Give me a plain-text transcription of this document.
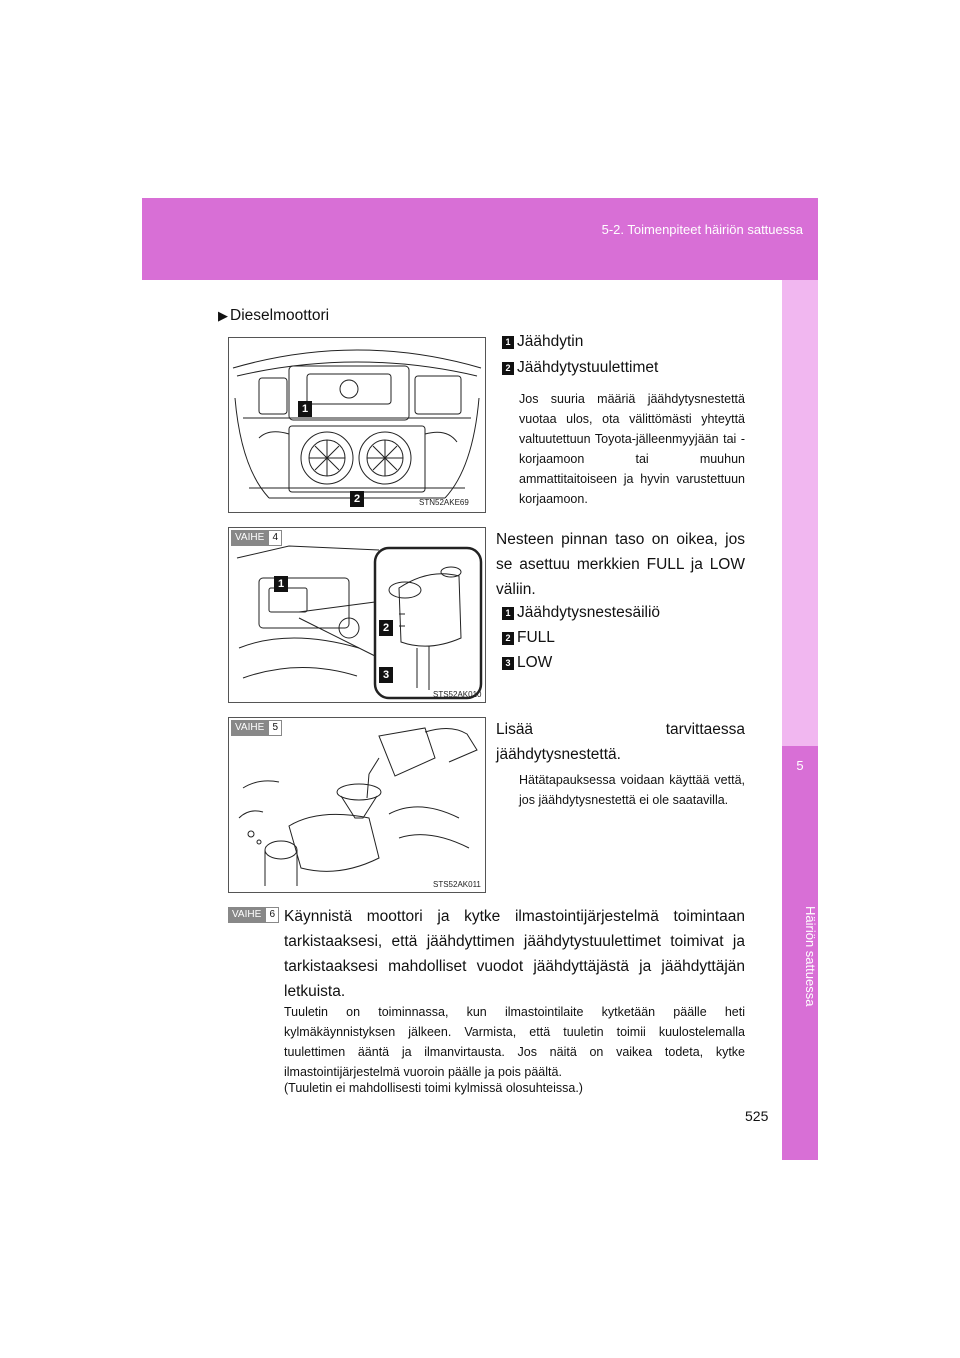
5-2. Toimenpiteet häiriön sattuessa
5
Häiriön sattuessa
▶ Dieselmoottori
1
2	STN52AKE69
1 Jäähdytin
2 Jäähdytystuulettimet
Jos suuria määriä jäähdytysnestettä vuotaa ulos, ota välittömästi yhteyttä valtuutettuun Toyota-jälleenmyyjään tai -korjaamoon tai muuhun ammattitaitoiseen ja hyvin varustettuun korjaamoon.
VAIHE 4
1
2
3
STS52AK010
Nesteen pinnan taso on oikea, jos se asettuu merkkien FULL ja LOW väliin.
1 Jäähdytysnestesäiliö
2 FULL
3 LOW
VAIHE 5
STS52AK011
Lisää tarvittaessa jäähdytysnestettä.
Hätätapauksessa voidaan käyttää vettä, jos jäähdytysnestettä ei ole saatavilla.
VAIHE 6 Käynnistä moottori ja kytke ilmastointijärjestelmä toimintaan tarkistaaksesi, että jäähdyttimen jäähdytystuulettimet toimivat ja tarkistaaksesi mahdolliset vuodot jäähdyttäjästä ja jäähdyttäjän letkuista.
Tuuletin on toiminnassa, kun ilmastointilaite kytketään päälle heti kylmäkäynnistyksen jälkeen. Varmista, että tuuletin toimii kuulostelemalla tuulettimen ääntä ja ilmanvirtausta. Jos näitä on vaikea todeta, kytke ilmastointijärjestelmä vuoroin päälle ja pois päältä.
(Tuuletin ei mahdollisesti toimi kylmissä olosuhteissa.)
525
